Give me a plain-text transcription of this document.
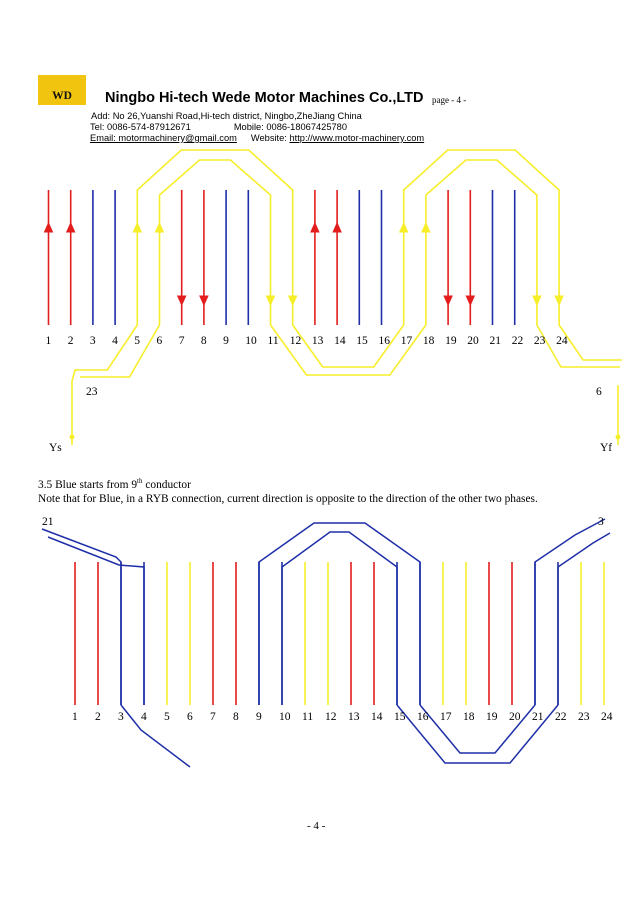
WD Ningbo Hi-tech Wede Motor Machines Co.,LTD page - 4 -
Add: No 26,Yuanshi Road,Hi-tech district, Ningbo,ZheJiang China
Tel: 0086-574-87912671	Mobile: 0086-18067425780
Email: motormachinery@gmail.com Website: http://www.motor-machinery.com
1 2 3 4 5 6 7 8 9 10 11 12 13 14 15 16 17 18 19 20 21 22 23 24
23	6
Ys	Yf
3.5 Blue starts from 9th conductor
Note that for Blue, in a RYB connection, current direction is opposite to the direction of the other two phases.
1 2 3 4 5 6 7 8 9 10 11 12 13 14 15 16 17 18 19 20 21 22 23 24
21	3
- 4 -
